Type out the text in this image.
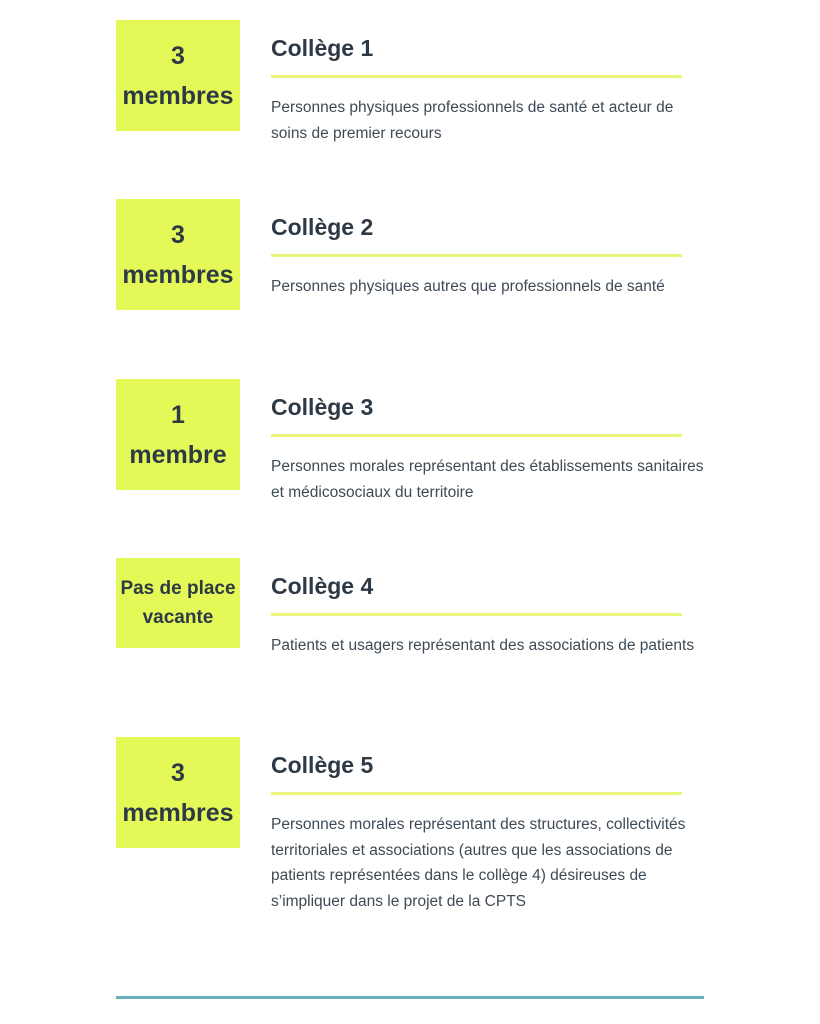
3
membres
Collège 1

Personnes physiques professionnels de santé et acteur de soins de premier recours

3
membres
Collège 2

Personnes physiques autres que professionnels de santé

1
membre
Collège 3

Personnes morales représentant des établissements sanitaires et médicosociaux du territoire

Pas de place
vacante
Collège 4

Patients et usagers représentant des associations de patients

3
membres
Collège 5

Personnes morales représentant des structures, collectivités territoriales et associations (autres que les associations de patients représentées dans le collège 4) désireuses de s’impliquer dans le projet de la CPTS
